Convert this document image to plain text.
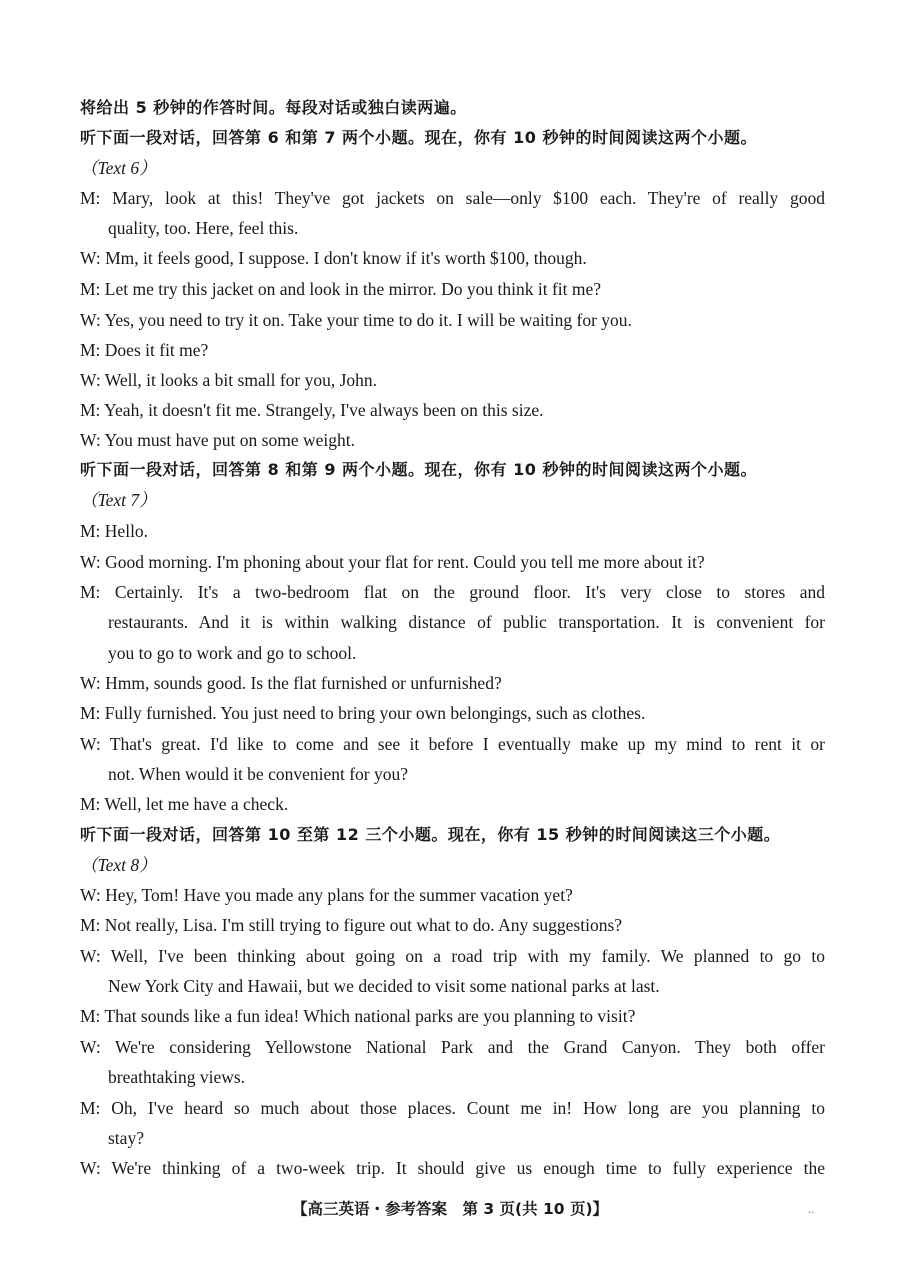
将给出 5 秒钟的作答时间。每段对话或独白读两遍。
听下面一段对话，回答第 6 和第 7 两个小题。现在，你有 10 秒钟的时间阅读这两个小题。
（Text 6）
M: Mary, look at this! They've got jackets on sale—only $100 each. They're of really good
quality, too. Here, feel this.
W: Mm, it feels good, I suppose. I don't know if it's worth $100, though.
M: Let me try this jacket on and look in the mirror. Do you think it fit me?
W: Yes, you need to try it on. Take your time to do it. I will be waiting for you.
M: Does it fit me?
W: Well, it looks a bit small for you, John.
M: Yeah, it doesn't fit me. Strangely, I've always been on this size.
W: You must have put on some weight.
听下面一段对话，回答第 8 和第 9 两个小题。现在，你有 10 秒钟的时间阅读这两个小题。
（Text 7）
M: Hello.
W: Good morning. I'm phoning about your flat for rent. Could you tell me more about it?
M: Certainly. It's a two-bedroom flat on the ground floor. It's very close to stores and
restaurants. And it is within walking distance of public transportation. It is convenient for
you to go to work and go to school.
W: Hmm, sounds good. Is the flat furnished or unfurnished?
M: Fully furnished. You just need to bring your own belongings, such as clothes.
W: That's great. I'd like to come and see it before I eventually make up my mind to rent it or
not. When would it be convenient for you?
M: Well, let me have a check.
听下面一段对话，回答第 10 至第 12 三个小题。现在，你有 15 秒钟的时间阅读这三个小题。
（Text 8）
W: Hey, Tom! Have you made any plans for the summer vacation yet?
M: Not really, Lisa. I'm still trying to figure out what to do. Any suggestions?
W: Well, I've been thinking about going on a road trip with my family. We planned to go to
New York City and Hawaii, but we decided to visit some national parks at last.
M: That sounds like a fun idea! Which national parks are you planning to visit?
W: We're considering Yellowstone National Park and the Grand Canyon. They both offer
breathtaking views.
M: Oh, I've heard so much about those places. Count me in! How long are you planning to
stay?
W: We're thinking of a two-week trip. It should give us enough time to fully experience the
【高三英语・参考答案　第 3 页(共 10 页)】	..
